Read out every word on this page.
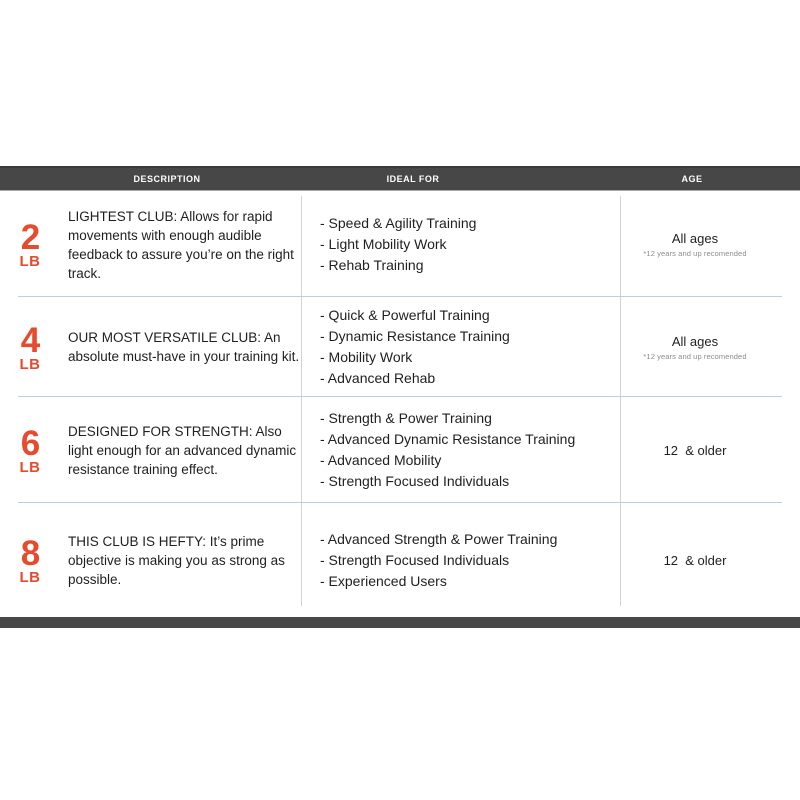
DESCRIPTION	IDEAL FOR	AGE
2
LB
LIGHTEST CLUB: Allows for rapid movements with enough audible feedback to assure you’re on the right track.
- Speed & Agility Training
- Light Mobility Work
- Rehab Training
All ages
*12 years and up recomended
4
LB
OUR MOST VERSATILE CLUB: An absolute must-have in your training kit.
- Quick & Powerful Training
- Dynamic Resistance Training
- Mobility Work
- Advanced Rehab
All ages
*12 years and up recomended
6
LB
DESIGNED FOR STRENGTH: Also light enough for an advanced dynamic resistance training effect.
- Strength & Power Training
- Advanced Dynamic Resistance Training
- Advanced Mobility
- Strength Focused Individuals
12  & older
8
LB
THIS CLUB IS HEFTY: It’s prime objective is making you as strong as possible.
- Advanced Strength & Power Training
- Strength Focused Individuals
- Experienced Users
12  & older
